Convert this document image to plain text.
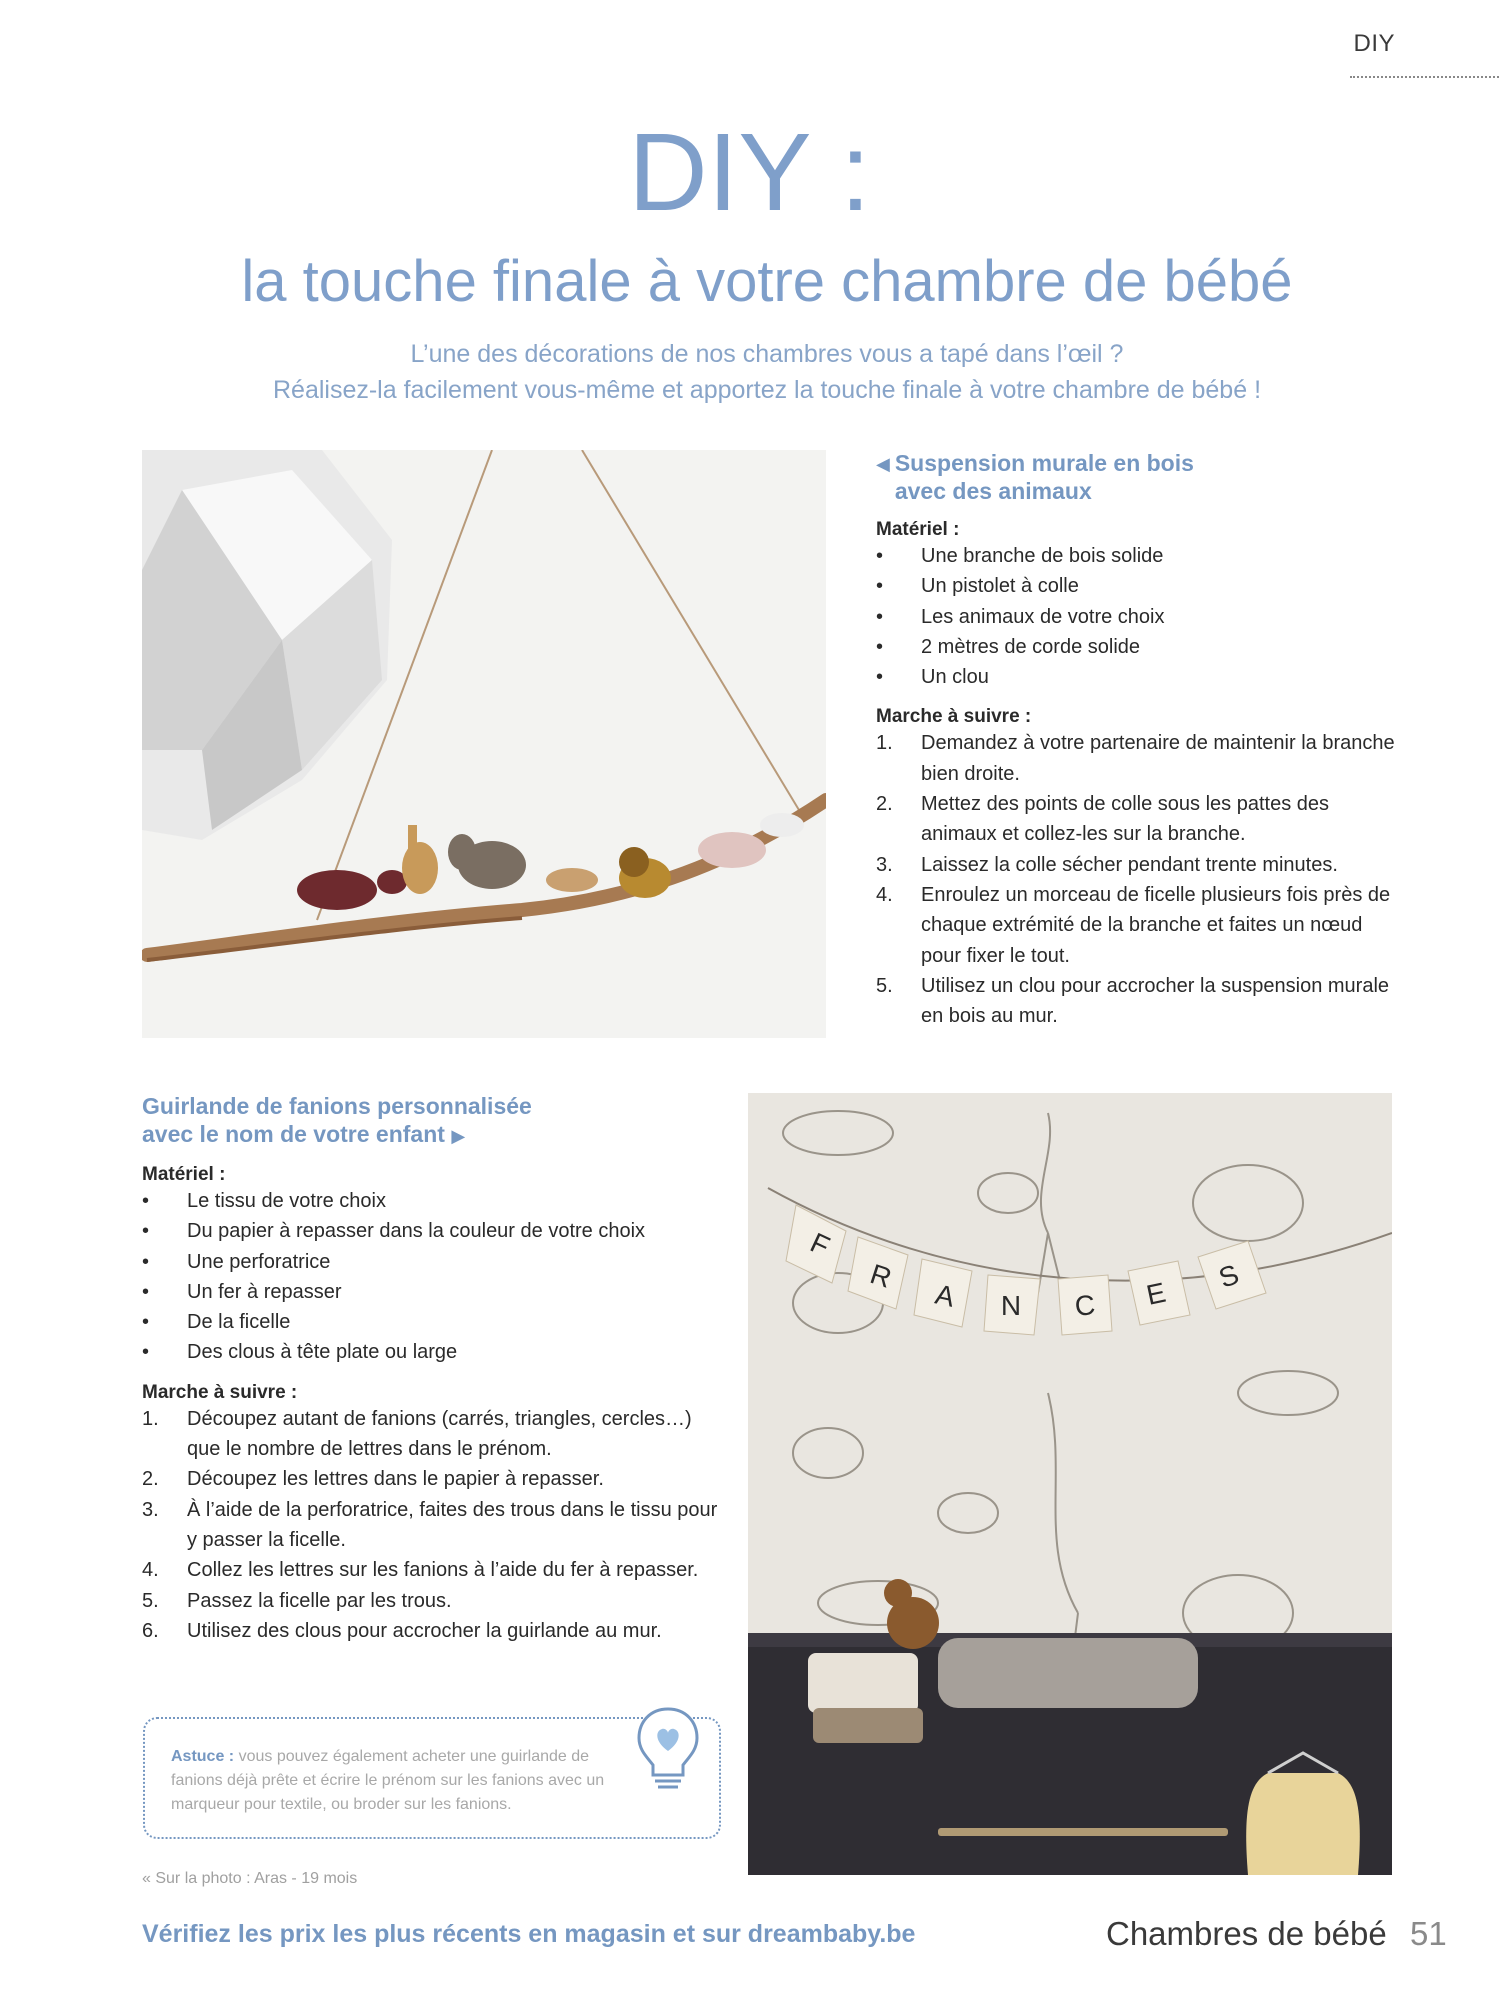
DIY
DIY :
la touche finale à votre chambre de bébé
L’une des décorations de nos chambres vous a tapé dans l’œil ?
Réalisez-la facilement vous-même et apportez la touche finale à votre chambre de bébé !
◀ Suspension murale en bois
avec des animaux
Matériel :
•	Une branche de bois solide
•	Un pistolet à colle
•	Les animaux de votre choix
•	2 mètres de corde solide
•	Un clou
Marche à suivre :
1.	Demandez à votre partenaire de maintenir la branche bien droite.
2.	Mettez des points de colle sous les pattes des animaux et collez-les sur la branche.
3.	Laissez la colle sécher pendant trente minutes.
4.	Enroulez un morceau de ficelle plusieurs fois près de chaque extrémité de la branche et faites un nœud pour fixer le tout.
5.	Utilisez un clou pour accrocher la suspension murale en bois au mur.
Guirlande de fanions personnalisée
avec le nom de votre enfant ▶
Matériel :
•	Le tissu de votre choix
•	Du papier à repasser dans la couleur de votre choix
•	Une perforatrice
•	Un fer à repasser
•	De la ficelle
•	Des clous à tête plate ou large
Marche à suivre :
1.	Découpez autant de fanions (carrés, triangles, cercles…) que le nombre de lettres dans le prénom.
2.	Découpez les lettres dans le papier à repasser.
3.	À l’aide de la perforatrice, faites des trous dans le tissu pour y passer la ficelle.
4.	Collez les lettres sur les fanions à l’aide du fer à repasser.
5.	Passez la ficelle par les trous.
6.	Utilisez des clous pour accrocher la guirlande au mur.
Astuce : vous pouvez également acheter une guirlande de fanions déjà prête et écrire le prénom sur les fanions avec un marqueur pour textile, ou broder sur les fanions.
F
R
A N C E S
« Sur la photo : Aras - 19 mois
Vérifiez les prix les plus récents en magasin et sur dreambaby.be	Chambres de bébé 51
